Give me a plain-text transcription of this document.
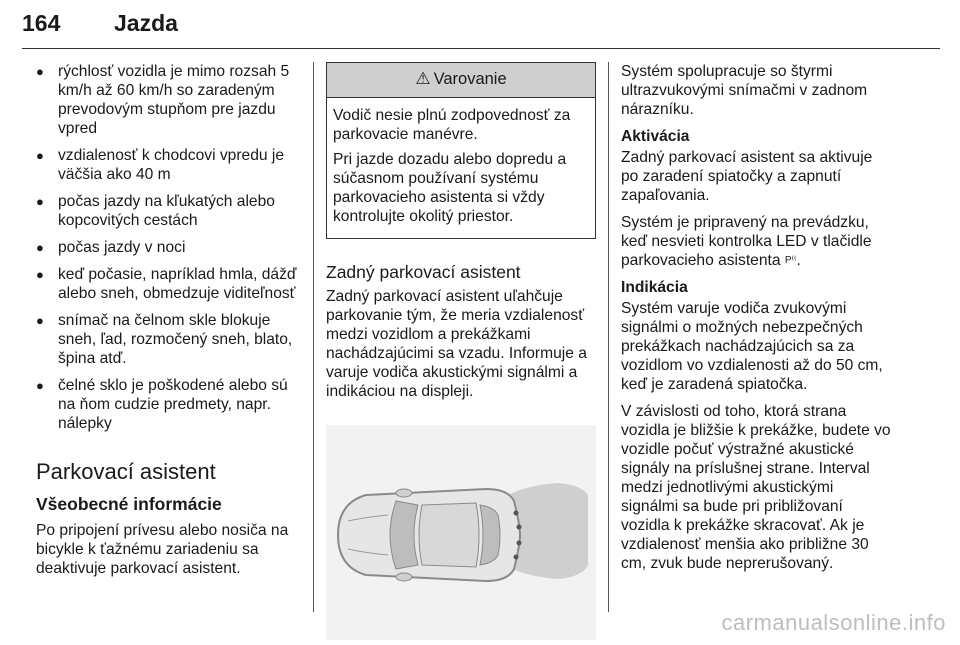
164 Jazda
● rýchlosť vozidla je mimo rozsah 5 km/h až 60 km/h so zaradeným prevodovým stupňom pre jazdu vpred
● vzdialenosť k chodcovi vpredu je väčšia ako 40 m
● počas jazdy na kľukatých alebo kopcovitých cestách
● počas jazdy v noci
● keď počasie, napríklad hmla, dážď alebo sneh, obmedzuje viditeľnosť
● snímač na čelnom skle blokuje sneh, ľad, rozmočený sneh, blato, špina atď.
● čelné sklo je poškodené alebo sú na ňom cudzie predmety, napr. nálepky
Parkovací asistent
Všeobecné informácie

Po pripojení prívesu alebo nosiča na bicykle k ťažnému zariadeniu sa deaktivuje parkovací asistent.

⚠ Varovanie

Vodič nesie plnú zodpovednosť za parkovacie manévre.

Pri jazde dozadu alebo dopredu a súčasnom používaní systému parkovacieho asistenta si vždy kontrolujte okolitý priestor.

Zadný parkovací asistent

Zadný parkovací asistent uľahčuje parkovanie tým, že meria vzdialenosť medzi vozidlom a prekážkami nachádzajúcimi sa vzadu. Informuje a varuje vodiča akustickými signálmi a indikáciou na displeji.

Systém spolupracuje so štyrmi ultrazvukovými snímačmi v zadnom nárazníku.

Aktivácia

Zadný parkovací asistent sa aktivuje po zaradení spiatočky a zapnutí zapaľovania.

Systém je pripravený na prevádzku, keď nesvieti kontrolka LED v tlačidle parkovacieho asistenta P⁽⁽.

Indikácia

Systém varuje vodiča zvukovými signálmi o možných nebezpečných prekážkach nachádzajúcich sa za vozidlom vo vzdialenosti až do 50 cm, keď je zaradená spiatočka.

V závislosti od toho, ktorá strana vozidla je bližšie k prekážke, budete vo vozidle počuť výstražné akustické signály na príslušnej strane. Interval medzi jednotlivými akustickými signálmi sa bude pri približovaní vozidla k prekážke skracovať. Ak je vzdialenosť menšia ako približne 30 cm, zvuk bude neprerušovaný.

carmanualsonline.info
